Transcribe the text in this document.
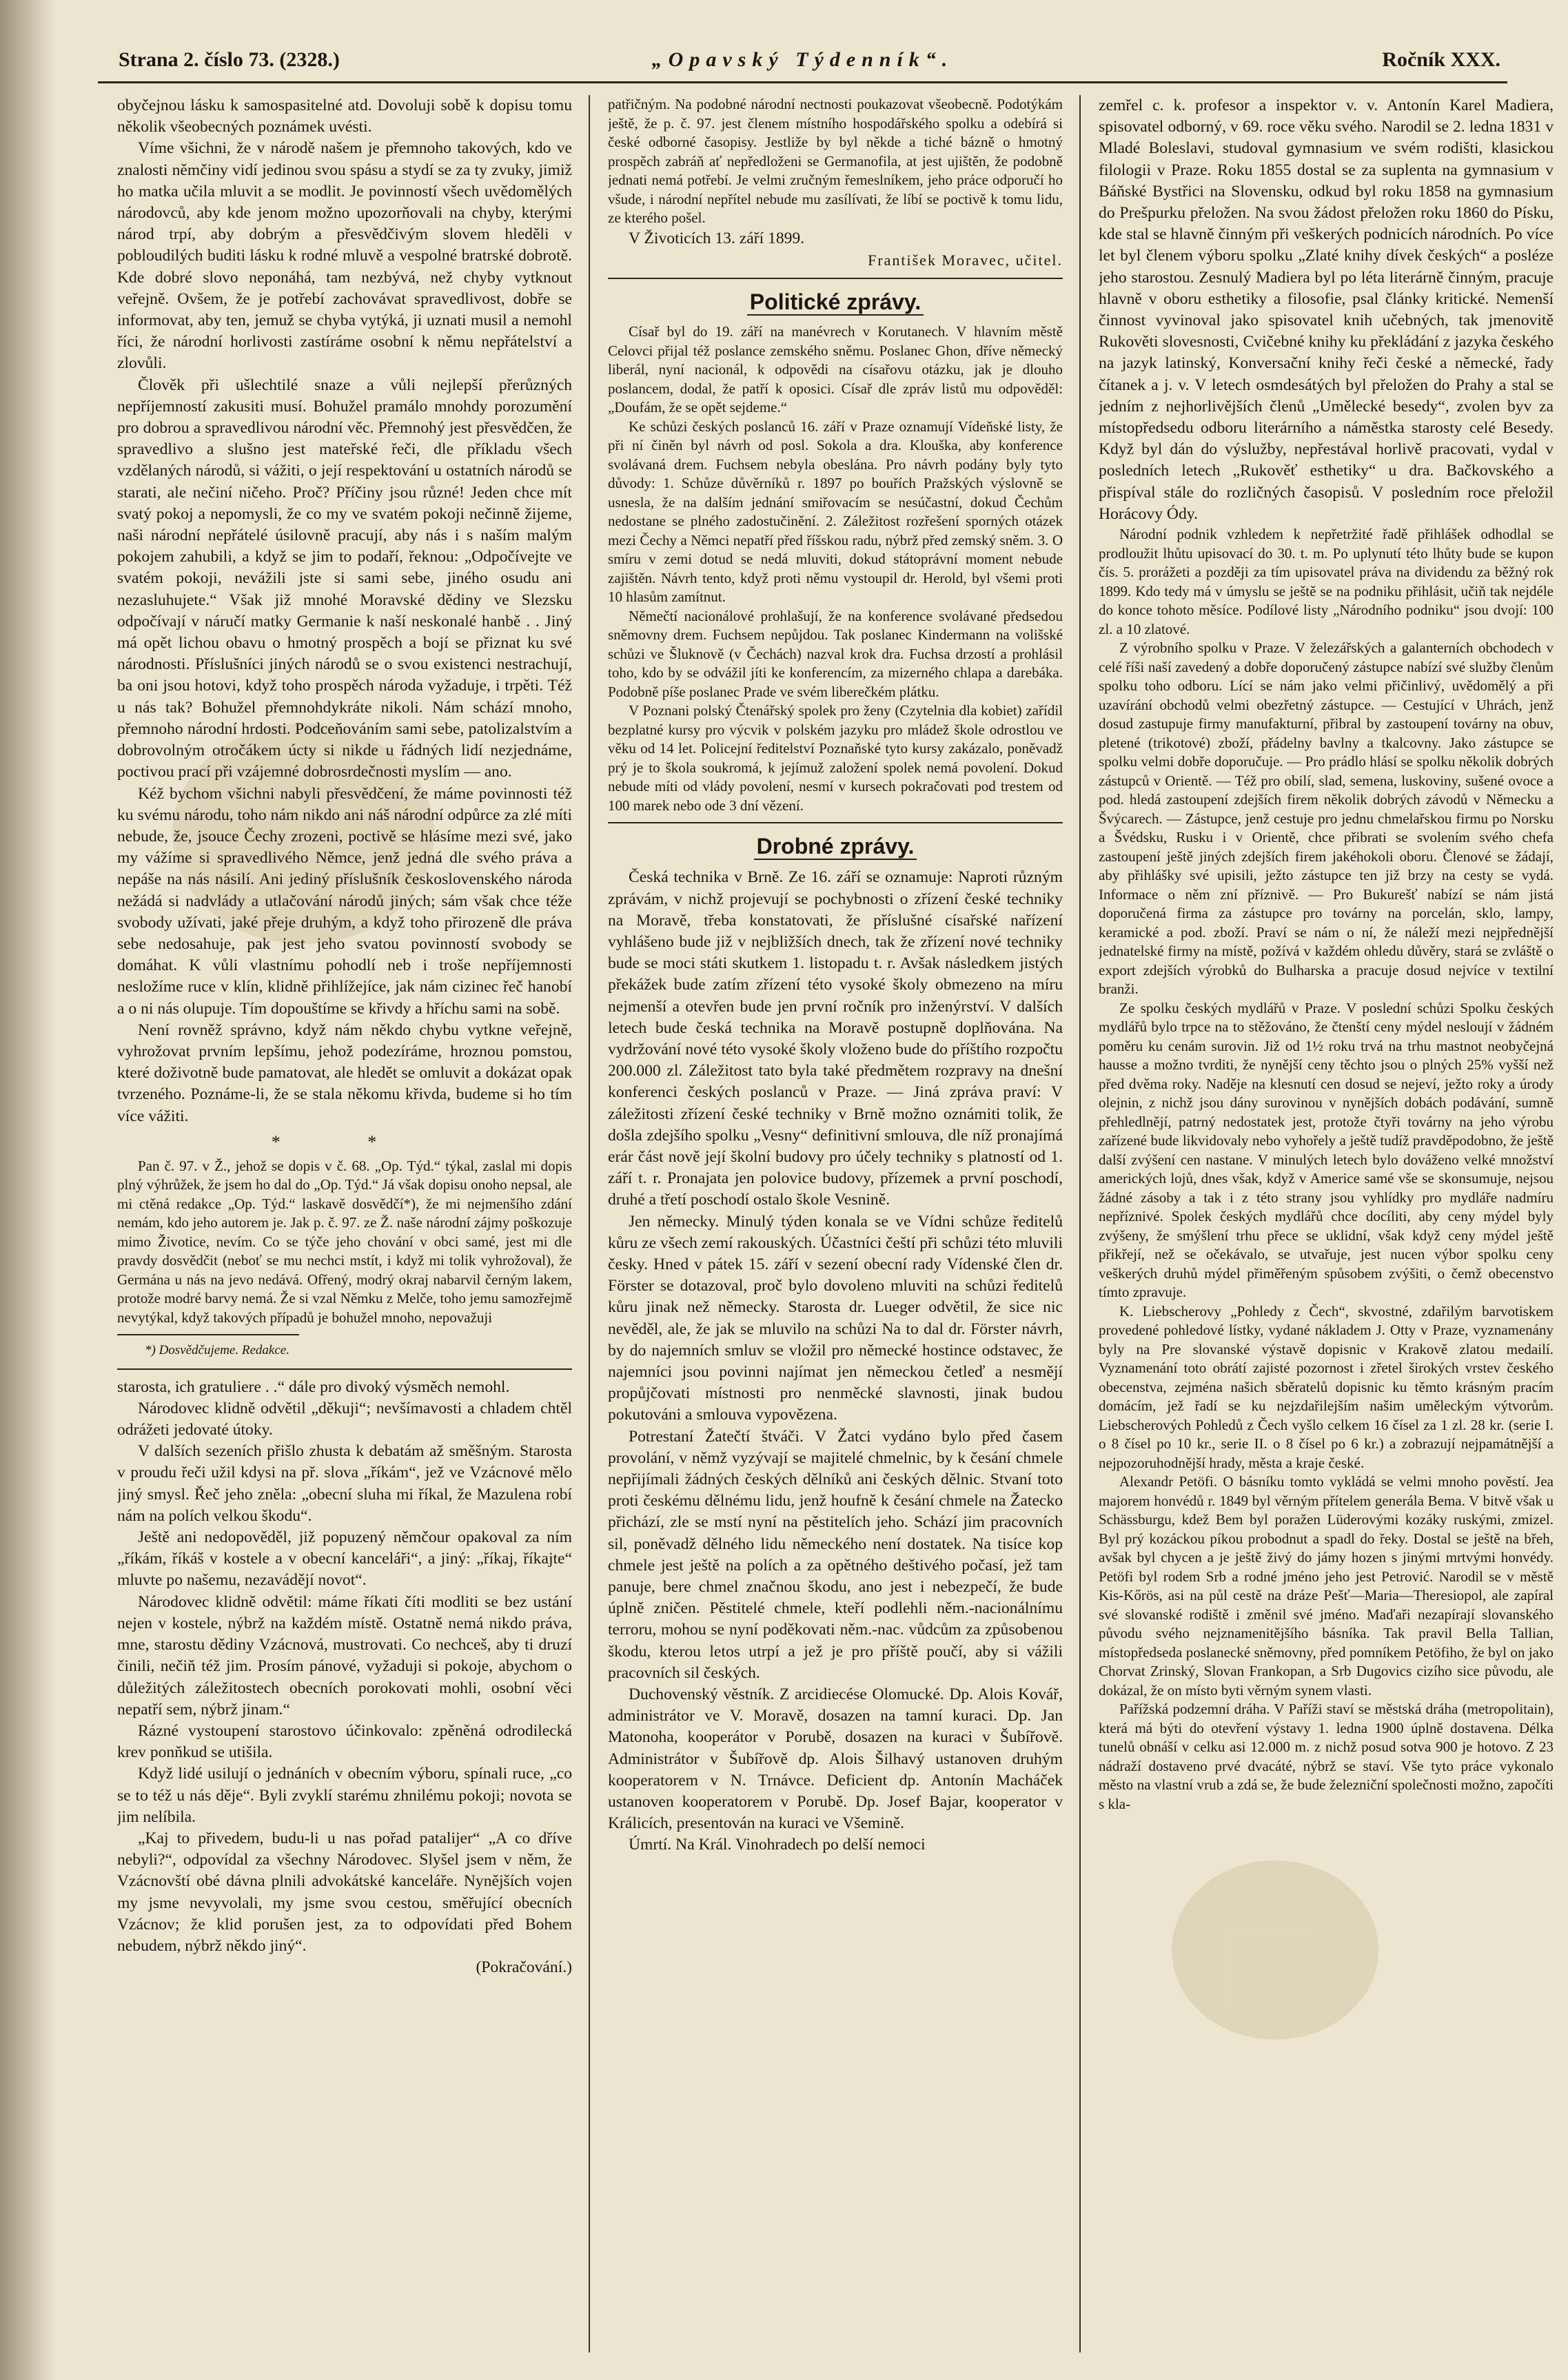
Strana 2. číslo 73. (2328.)	„Opavský Týdenník“.	Ročník XXX.

obyčejnou lásku k samospasitelné atd. Dovoluji sobě k dopisu tomu několik všeobecných poznámek uvésti.

Víme všichni, že v národě našem je přemnoho takových, kdo ve znalosti němčiny vidí jedinou svou spásu a stydí se za ty zvuky, jimiž ho matka učila mluvit a se modlit. Je povinností všech uvědomělých národovců, aby kde jenom možno upozorňovali na chyby, kterými národ trpí, aby dobrým a přesvědčivým slovem hleděli v pobloudilých buditi lásku k rodné mluvě a vespolné bratrské dobrotě. Kde dobré slovo neponáhá, tam nezbývá, než chyby vytknout veřejně. Ovšem, že je potřebí zachovávat spravedlivost, dobře se informovat, aby ten, jemuž se chyba vytýká, ji uznati musil a nemohl říci, že národní horlivosti zastíráme osobní k němu nepřátelství a zlovůli.

Člověk při ušlechtilé snaze a vůli nejlepší přerůzných nepříjemností zakusiti musí. Bohužel pramálo mnohdy porozumění pro dobrou a spravedlivou národní věc. Přemnohý jest přesvědčen, že spravedlivo a slušno jest mateřské řeči, dle příkladu všech vzdělaných národů, si vážiti, o její respektování u ostatních národů se starati, ale nečiní ničeho. Proč? Příčiny jsou různé! Jeden chce mít svatý pokoj a nepomysli, že co my ve svatém pokoji nečinně žijeme, naši národní nepřátelé úsilovně pracují, aby nás i s naším malým pokojem zahubili, a když se jim to podaří, řeknou: „Odpočívejte ve svatém pokoji, nevážili jste si sami sebe, jiného osudu ani nezasluhujete.“ Však již mnohé Moravské dědiny ve Slezsku odpočívají v náručí matky Germanie k naší neskonalé hanbě . . Jiný má opět lichou obavu o hmotný prospěch a bojí se přiznat ku své národnosti. Příslušníci jiných národů se o svou existenci nestrachují, ba oni jsou hotovi, když toho prospěch národa vyžaduje, i trpěti. Též u nás tak? Bohužel přemnohdykráte nikoli. Nám schází mnoho, přemnoho národní hrdosti. Podceňováním sami sebe, patolizalstvím a dobrovolným otročákem úcty si nikde u řádných lidí nezjednáme, poctivou prací při vzájemné dobrosrdečnosti myslím — ano.

Kéž bychom všichni nabyli přesvědčení, že máme povinnosti též ku svému národu, toho nám nikdo ani náš národní odpůrce za zlé míti nebude, že, jsouce Čechy zrozeni, poctivě se hlásíme mezi své, jako my vážíme si spravedlivého Němce, jenž jedná dle svého práva a nepáše na nás násilí. Ani jediný příslušník československého národa nežádá si nadvlády a utlačování národů jiných; sám však chce téže svobody užívati, jaké přeje druhým, a když toho přirozeně dle práva sebe nedosahuje, pak jest jeho svatou povinností svobody se domáhat. K vůli vlastnímu pohodlí neb i troše nepříjemnosti nesložíme ruce v klín, klidně přihlížejíce, jak nám cizinec řeč hanobí a o ni nás olupuje. Tím dopouštíme se křivdy a hříchu sami na sobě.

Není rovněž správno, když nám někdo chybu vytkne veřejně, vyhrožovat prvním lepšímu, jehož podezíráme, hroznou pomstou, které doživotně bude pamatovat, ale hledět se omluvit a dokázat opak tvrzeného. Poznáme-li, že se stala někomu křivda, budeme si ho tím více vážiti.

* *

Pan č. 97. v Ž., jehož se dopis v č. 68. „Op. Týd.“ týkal, zaslal mi dopis plný výhrůžek, že jsem ho dal do „Op. Týd.“ Já však dopisu onoho nepsal, ale mi ctěná redakce „Op. Týd.“ laskavě dosvědčí*), že mi nejmenšího zdání nemám, kdo jeho autorem je. Jak p. č. 97. ze Ž. naše národní zájmy poškozuje mimo Životice, nevím. Co se týče jeho chování v obci samé, jest mi dle pravdy dosvědčit (neboť se mu nechci mstít, i když mi tolik vyhrožoval), že Germána u nás na jevo nedává. Ofřený, modrý okraj nabarvil černým lakem, protože modré barvy nemá. Že si vzal Němku z Melče, toho jemu samozřejmě nevytýkal, když takových případů je bohužel mnoho, nepovažuji

*) Dosvědčujeme. Redakce.

starosta, ich gratuliere . .“ dále pro divoký výsměch nemohl.

Národovec klidně odvětil „děkuji“; nevšímavosti a chladem chtěl odrážeti jedovaté útoky.

V dalších sezeních přišlo zhusta k debatám až směšným. Starosta v proudu řeči užil kdysi na př. slova „říkám“, jež ve Vzácnové mělo jiný smysl. Řeč jeho zněla: „obecní sluha mi říkal, že Mazulena robí nám na polích velkou škodu“.

Ještě ani nedopověděl, již popuzený němčour opakoval za ním „říkám, říkáš v kostele a v obecní kanceláři“, a jiný: „říkaj, říkajte“ mluvte po našemu, nezavádějí novot“.

Národovec klidně odvětil: máme říkati číti modliti se bez ustání nejen v kostele, nýbrž na každém místě. Ostatně nemá nikdo práva, mne, starostu dědiny Vzácnová, mustrovati. Co nechceš, aby ti druzí činili, nečiň též jim. Prosím pánové, vyžaduji si pokoje, abychom o důležitých záležitostech obecních porokovati mohli, osobní věci nepatří sem, nýbrž jinam.“

Rázné vystoupení starostovo účinkovalo: zpěněná odrodilecká krev ponňkud se utišila.

Když lidé usilují o jednáních v obecním výboru, spínali ruce, „co se to též u nás děje“. Byli zvyklí starému zhnilému pokoji; novota se jim nelíbila.

„Kaj to přivedem, budu-li u nas pořad patalijer“ „A co dříve nebyli?“, odpovídal za všechny Národovec. Slyšel jsem v něm, že Vzácnovští obé dávna plnili advokátské kanceláře. Nynějších vojen my jsme nevyvolali, my jsme svou cestou, směřující obecních Vzácnov; že klid porušen jest, za to odpovídati před Bohem nebudem, nýbrž někdo jiný“.

(Pokračování.)

patřičným. Na podobné národní nectnosti poukazovat všeobecně. Podotýkám ještě, že p. č. 97. jest členem místního hospodářského spolku a odebírá si české odborné časopisy. Jestliže by byl někde a tiché bázně o hmotný prospěch zabráň ať nepředloženi se Germanofila, at jest ujištěn, že podobně jednati nemá potřebí. Je velmi zručným řemeslníkem, jeho práce odporučí ho všude, i národní nepřítel nebude mu zasílívati, že líbí se poctivě k tomu lidu, ze kterého pošel.

V Životicích 13. září 1899.

František Moravec, učitel.
Politické zprávy.

Císař byl do 19. září na manévrech v Korutanech. V hlavním městě Celovci přijal též poslance zemského sněmu. Poslanec Ghon, dříve německý liberál, nyní nacionál, k odpovědi na císařovu otázku, jak je dlouho poslancem, dodal, že patří k oposici. Císař dle zpráv listů mu odpověděl: „Doufám, že se opět sejdeme.“

Ke schůzi českých poslanců 16. září v Praze oznamují Vídeňské listy, že při ní činěn byl návrh od posl. Sokola a dra. Klouška, aby konference svolávaná drem. Fuchsem nebyla obeslána. Pro návrh podány byly tyto důvody: 1. Schůze důvěrníků r. 1897 po bouřích Pražských výslovně se usnesla, že na dalším jednání smiřovacím se nesúčastní, dokud Čechům nedostane se plného zadostučinění. 2. Záležitost rozřešení sporných otázek mezi Čechy a Němci nepatří před říšskou radu, nýbrž před zemský sněm. 3. O smíru v zemi dotud se nedá mluviti, dokud státoprávní moment nebude zajištěn. Návrh tento, když proti němu vystoupil dr. Herold, byl všemi proti 10 hlasům zamítnut.

Němečtí nacionálové prohlašují, že na konference svolávané předsedou sněmovny drem. Fuchsem nepůjdou. Tak poslanec Kindermann na volišské schůzi ve Šluknově (v Čechách) nazval krok dra. Fuchsa drzostí a prohlásil toho, kdo by se odvážil jíti ke konferencím, za mizerného chlapa a darebáka. Podobně píše poslanec Prade ve svém liberečkém plátku.

V Poznani polský Čtenářský spolek pro ženy (Czytelnia dla kobiet) zařídil bezplatné kursy pro výcvik v polském jazyku pro mládež škole odrostlou ve věku od 14 let. Policejní ředitelství Poznaňské tyto kursy zakázalo, poněvadž prý je to škola soukromá, k jejímuž založení spolek nemá povolení. Dokud nebude míti od vlády povolení, nesmí v kursech pokračovati pod trestem od 100 marek nebo ode 3 dní vězení.

Drobné zprávy.

Česká technika v Brně. Ze 16. září se oznamuje: Naproti různým zprávám, v nichž projevují se pochybnosti o zřízení české techniky na Moravě, třeba konstatovati, že příslušné císařské nařízení vyhlášeno bude již v nejbližších dnech, tak že zřízení nové techniky bude se moci státi skutkem 1. listopadu t. r. Avšak následkem jistých překážek bude zatím zřízení této vysoké školy obmezeno na míru nejmenší a otevřen bude jen první ročník pro inženýrství. V dalších letech bude česká technika na Moravě postupně doplňována. Na vydržování nové této vysoké školy vloženo bude do příštího rozpočtu 200.000 zl. Záležitost tato byla také předmětem rozpravy na dnešní konferenci českých poslanců v Praze. — Jiná zpráva praví: V záležitosti zřízení české techniky v Brně možno oznámiti tolik, že došla zdejšího spolku „Vesny“ definitivní smlouva, dle níž pronajímá erár část nově její školní budovy pro účely techniky s platností od 1. září t. r. Pronajata jen polovice budovy, přízemek a první poschodí, druhé a třetí poschodí ostalo škole Vesnině.

Jen německy. Minulý týden konala se ve Vídni schůze ředitelů kůru ze všech zemí rakouských. Účastníci čeští při schůzi této mluvili česky. Hned v pátek 15. září v sezení obecní rady Vídenské člen dr. Förster se dotazoval, proč bylo dovoleno mluviti na schůzi ředitelů kůru jinak než německy. Starosta dr. Lueger odvětil, že sice nic nevěděl, ale, že jak se mluvilo na schůzi Na to dal dr. Förster návrh, by do najemních smluv se vložil pro německé hostince odstavec, že najemníci jsou povinni najímat jen německou četleď a nesmějí propůjčovati místnosti pro nenměcké slavnosti, jinak budou pokutováni a smlouva vypovězena.

Potrestaní Žatečtí štváči. V Žatci vydáno bylo před časem provolání, v němž vyzývají se majitelé chmelnic, by k česání chmele nepřijímali žádných českých dělníků ani českých dělnic. Stvaní toto proti českému dělnému lidu, jenž houfně k česání chmele na Žatecko přichází, zle se mstí nyní na pěstitelích jeho. Schází jim pracovních sil, poněvadž dělného lidu německého není dostatek. Na tisíce kop chmele jest ještě na polích a za opětného deštivého počasí, jež tam panuje, bere chmel značnou škodu, ano jest i nebezpečí, že bude úplně zničen. Pěstitelé chmele, kteří podlehli něm.-nacionálnímu terroru, mohou se nyní poděkovati něm.-nac. vůdcům za způsobenou škodu, kterou letos utrpí a jež je pro příště poučí, aby si vážili pracovních sil českých.

Duchovenský věstník. Z arcidiecése Olomucké. Dp. Alois Kovář, administrátor ve V. Moravě, dosazen na tamní kuraci. Dp. Jan Matonoha, kooperátor v Porubě, dosazen na kuraci v Šubířově. Administrátor v Šubířově dp. Alois Šilhavý ustanoven druhým kooperatorem v N. Trnávce. Deficient dp. Antonín Macháček ustanoven kooperatorem v Porubě. Dp. Josef Bajar, kooperator v Králicích, presentován na kuraci ve Všemině.

Úmrtí. Na Král. Vinohradech po delší nemoci

zemřel c. k. profesor a inspektor v. v. Antonín Karel Madiera, spisovatel odborný, v 69. roce věku svého. Narodil se 2. ledna 1831 v Mladé Boleslavi, studoval gymnasium ve svém rodišti, klasickou filologii v Praze. Roku 1855 dostal se za suplenta na gymnasium v Báňské Bystřici na Slovensku, odkud byl roku 1858 na gymnasium do Prešpurku přeložen. Na svou žádost přeložen roku 1860 do Písku, kde stal se hlavně činným při veškerých podnicích národních. Po více let byl členem výboru spolku „Zlaté knihy dívek českých“ a posléze jeho starostou. Zesnulý Madiera byl po léta literárně činným, pracuje hlavně v oboru esthetiky a filosofie, psal články kritické. Nemenší činnost vyvinoval jako spisovatel knih učebných, tak jmenovitě Rukověti slovesnosti, Cvičebné knihy ku překládání z jazyka českého na jazyk latinský, Konversační knihy řeči české a německé, řady čítanek a j. v. V letech osmdesátých byl přeložen do Prahy a stal se jedním z nejhorlivějších členů „Umělecké besedy“, zvolen byv za místopředsedu odboru literárního a náměstka starosty celé Besedy. Když byl dán do výslužby, nepřestával horlivě pracovati, vydal v posledních letech „Rukověť esthetiky“ u dra. Bačkovského a přispíval stále do rozličných časopisů. V posledním roce přeložil Horácovy Ódy.

Národní podnik vzhledem k nepřetržité řadě přihlášek odhodlal se prodloužit lhůtu upisovací do 30. t. m. Po uplynutí této lhůty bude se kupon čís. 5. prorážeti a později za tím upisovatel práva na dividendu za běžný rok 1899. Kdo tedy má v úmyslu se ještě se na podniku přihlásit, učiň tak nejdéle do konce tohoto měsíce. Podílové listy „Národního podniku“ jsou dvojí: 100 zl. a 10 zlatové.

Z výrobního spolku v Praze. V železářských a galanterních obchodech v celé říši naší zavedený a dobře doporučený zástupce nabízí své služby členům spolku toho odboru. Lící se nám jako velmi přičinlivý, uvědomělý a při uzavírání obchodů velmi obezřetný zástupce. — Cestující v Uhrách, jenž dosud zastupuje firmy manufakturní, přibral by zastoupení továrny na obuv, pletené (trikotové) zboží, přádelny bavlny a tkalcovny. Jako zástupce se spolku velmi dobře doporučuje. — Pro prádlo hlásí se spolku několik dobrých zástupců v Orientě. — Též pro obilí, slad, semena, luskoviny, sušené ovoce a pod. hledá zastoupení zdejších firem několik dobrých závodů v Německu a Švýcarech. — Zástupce, jenž cestuje pro jednu chmelařskou firmu po Norsku a Švédsku, Rusku i v Orientě, chce přibrati se svolením svého chefa zastoupení ještě jiných zdejších firem jakéhokoli oboru. Členové se žádají, aby přihlášky své upisili, ježto zástupce ten již brzy na cesty se vydá. Informace o něm zní příznivě. — Pro Bukurešť nabízí se nám jistá doporučená firma za zástupce pro továrny na porcelán, sklo, lampy, keramické a pod. zboží. Praví se nám o ní, že náleží mezi nejpřednější jednatelské firmy na místě, požívá v každém ohledu důvěry, stará se zvláště o export zdejších výrobků do Bulharska a pracuje dosud nejvíce v textilní branži.

Ze spolku českých mydlářů v Praze. V poslední schůzi Spolku českých mydlářů bylo trpce na to stěžováno, že čtenští ceny mýdel nesloují v žádném poměru ku cenám surovin. Již od 1½ roku trvá na trhu mastnot neobyčejná hausse a možno tvrditi, že nynější ceny těchto jsou o plných 25% vyšší než před dvěma roky. Naděje na klesnutí cen dosud se nejeví, ježto roky a úrody olejnin, z nichž jsou dány surovinou v nynějších dobách podávání, sumně přehledlnějí, patrný nedostatek jest, protože čtyři továrny na jeho výrobu zařízené bude likvidovaly nebo vyhořely a ještě tudíž pravděpodobno, že ještě další zvýšení cen nastane. V minulých letech bylo dováženo velké množství amerických lojů, dnes však, když v Americe samé vše se skonsumuje, nejsou žádné zásoby a tak i z této strany jsou vyhlídky pro mydláře nadmíru nepříznivé. Spolek českých mydlářů chce docíliti, aby ceny mýdel byly zvýšeny, že smýšlení trhu přece se uklidní, však když ceny mýdel ještě přikřejí, než se očekávalo, se utvařuje, jest nucen výbor spolku ceny veškerých druhů mýdel přiměřeným spůsobem zvýšiti, o čemž obecenstvo tímto zpravuje.

K. Liebscherovy „Pohledy z Čech“, skvostné, zdařilým barvotiskem provedené pohledové lístky, vydané nákladem J. Otty v Praze, vyznamenány byly na Pre slovanské výstavě dopisnic v Krakově zlatou medailí. Vyznamenání toto obrátí zajisté pozornost i zřetel širokých vrstev českého obecenstva, zejména našich sběratelů dopisnic ku těmto krásným pracím domácím, jež řadí se ku nejzdařilejším našim uměleckým výtvorům. Liebscherových Pohledů z Čech vyšlo celkem 16 čísel za 1 zl. 28 kr. (serie I. o 8 čísel po 10 kr., serie II. o 8 čísel po 6 kr.) a zobrazují nejpamátnější a nejpozoruhodnější hrady, města a kraje české.

Alexandr Petöfi. O básníku tomto vykládá se velmi mnoho pověstí. Jea majorem honvédů r. 1849 byl věrným přítelem generála Bema. V bitvě však u Schässburgu, kdež Bem byl poražen Lüderovými kozáky ruskými, zmizel. Byl prý kozáckou píkou probodnut a spadl do řeky. Dostal se ještě na břeh, avšak byl chycen a je ještě živý do jámy hozen s jinými mrtvými honvédy. Petöfi byl rodem Srb a rodné jméno jeho jest Petrović. Narodil se v městě Kis-Kőrös, asi na půl cestě na dráze Pešť—Maria—Theresiopol, ale zapíral své slovanské rodiště i změnil své jméno. Maďaři nezapírají slovanského původu svého nejznamenitějšího básníka. Tak pravil Bella Tallian, místopředseda poslanecké sněmovny, před pomníkem Petöfiho, že byl on jako Chorvat Zrinský, Slovan Frankopan, a Srb Dugovics cizího sice původu, ale dokázal, že on místo byti věrným synem vlasti.

Pařížská podzemní dráha. V Paříži staví se městská dráha (metropolitain), která má býti do otevření výstavy 1. ledna 1900 úplně dostavena. Délka tunelů obnáší v celku asi 12.000 m. z nichž posud sotva 900 je hotovo. Z 23 nádraží dostaveno prvé dvacáté, nýbrž se staví. Vše tyto práce vykonalo město na vlastní vrub a zdá se, že bude železniční společnosti možno, započíti s kla-
